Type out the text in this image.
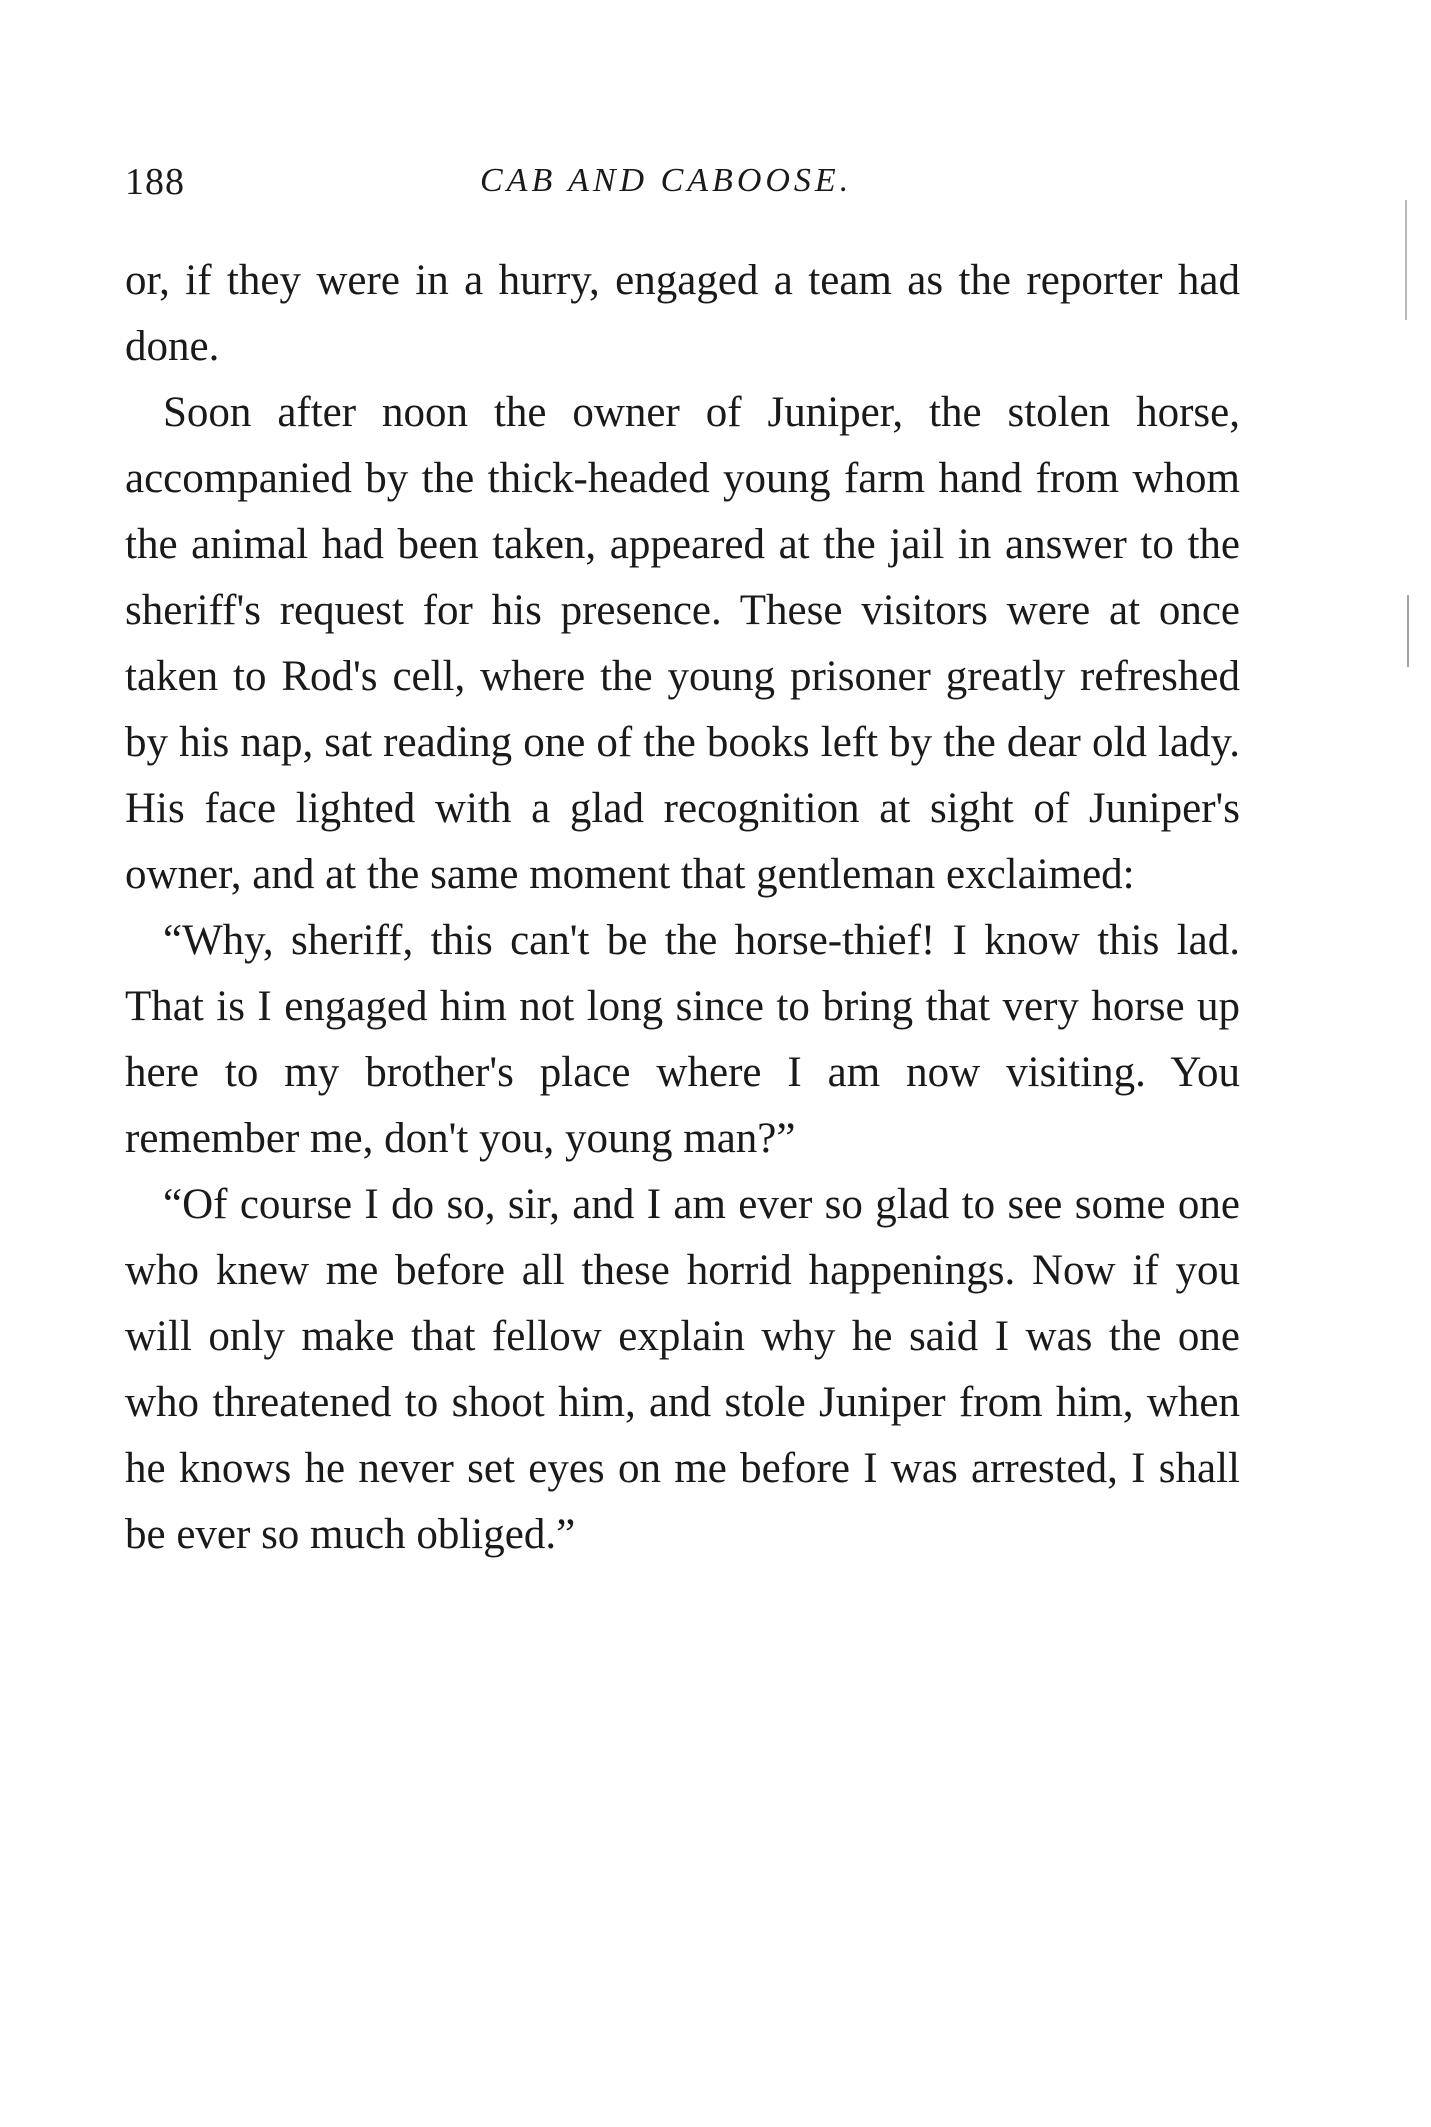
188	CAB AND CABOOSE.

or, if they were in a hurry, engaged a team as the reporter had done.

Soon after noon the owner of Juniper, the stolen horse, accompanied by the thick-headed young farm hand from whom the animal had been taken, appeared at the jail in answer to the sheriff's request for his presence. These visitors were at once taken to Rod's cell, where the young prisoner greatly refreshed by his nap, sat reading one of the books left by the dear old lady. His face lighted with a glad recognition at sight of Juniper's owner, and at the same moment that gentleman exclaimed:

“Why, sheriff, this can't be the horse-thief! I know this lad. That is I engaged him not long since to bring that very horse up here to my brother's place where I am now visiting. You remember me, don't you, young man?”

“Of course I do so, sir, and I am ever so glad to see some one who knew me before all these horrid happenings. Now if you will only make that fellow explain why he said I was the one who threatened to shoot him, and stole Juniper from him, when he knows he never set eyes on me before I was arrested, I shall be ever so much obliged.”
